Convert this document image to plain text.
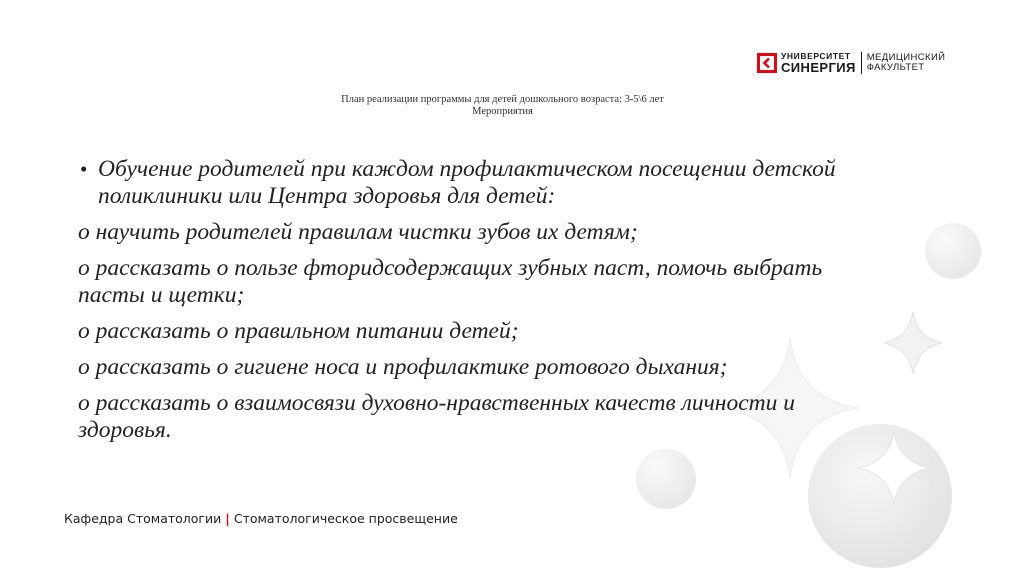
УНИВЕРСИТЕТ
СИНЕРГИЯ
МЕДИЦИНСКИЙ
ФАКУЛЬТЕТ
План реализации программы для детей дошкольного возраста: 3-5\6 лет
Мероприятия
• Обучение родителей при каждом профилактическом посещении детской поликлиники или Центра здоровья для детей:
о научить родителей правилам чистки зубов их детям;
о рассказать о пользе фторидсодержащих зубных паст, помочь выбрать пасты и щетки;
о рассказать о правильном питании детей;
о рассказать о гигиене носа и профилактике ротового дыхания;
о рассказать о взаимосвязи духовно-нравственных качеств личности и здоровья.
Кафедра Стоматологии | Стоматологическое просвещение
